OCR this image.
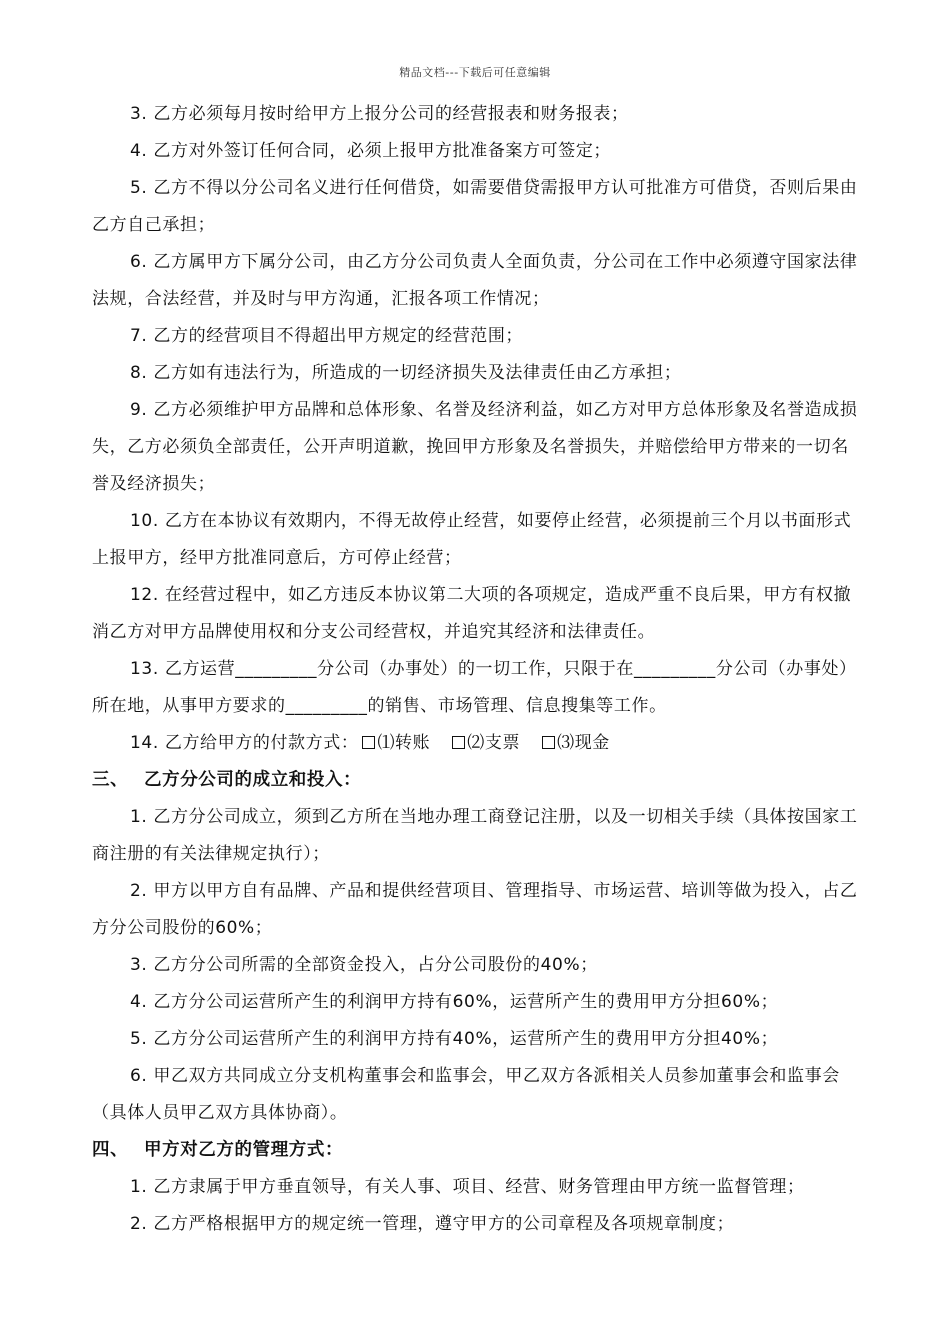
精品文档---下载后可任意编辑

3. 乙方必须每月按时给甲方上报分公司的经营报表和财务报表；

4. 乙方对外签订任何合同，必须上报甲方批准备案方可签定；

5. 乙方不得以分公司名义进行任何借贷，如需要借贷需报甲方认可批准方可借贷，否则后果由乙方自己承担；

6. 乙方属甲方下属分公司，由乙方分公司负责人全面负责，分公司在工作中必须遵守国家法律法规，合法经营，并及时与甲方沟通，汇报各项工作情况；

7. 乙方的经营项目不得超出甲方规定的经营范围；

8. 乙方如有违法行为，所造成的一切经济损失及法律责任由乙方承担；

9. 乙方必须维护甲方品牌和总体形象、名誉及经济利益，如乙方对甲方总体形象及名誉造成损失，乙方必须负全部责任，公开声明道歉，挽回甲方形象及名誉损失，并赔偿给甲方带来的一切名誉及经济损失；

10. 乙方在本协议有效期内，不得无故停止经营，如要停止经营，必须提前三个月以书面形式上报甲方，经甲方批准同意后，方可停止经营；

12. 在经营过程中，如乙方违反本协议第二大项的各项规定，造成严重不良后果，甲方有权撤消乙方对甲方品牌使用权和分支公司经营权，并追究其经济和法律责任。

13. 乙方运营_________分公司（办事处）的一切工作，只限于在_________分公司（办事处）所在地，从事甲方要求的_________的销售、市场管理、信息搜集等工作。

14. 乙方给甲方的付款方式： ⑴转账 ⑵支票 ⑶现金

三、 乙方分公司的成立和投入：

1. 乙方分公司成立，须到乙方所在当地办理工商登记注册，以及一切相关手续（具体按国家工商注册的有关法律规定执行）；

2. 甲方以甲方自有品牌、产品和提供经营项目、管理指导、市场运营、培训等做为投入，占乙方分公司股份的60%；

3. 乙方分公司所需的全部资金投入，占分公司股份的40%；

4. 乙方分公司运营所产生的利润甲方持有60%，运营所产生的费用甲方分担60%；

5. 乙方分公司运营所产生的利润甲方持有40%，运营所产生的费用甲方分担40%；

6. 甲乙双方共同成立分支机构董事会和监事会，甲乙双方各派相关人员参加董事会和监事会（具体人员甲乙双方具体协商）。

四、 甲方对乙方的管理方式：

1. 乙方隶属于甲方垂直领导，有关人事、项目、经营、财务管理由甲方统一监督管理；

2. 乙方严格根据甲方的规定统一管理，遵守甲方的公司章程及各项规章制度；
